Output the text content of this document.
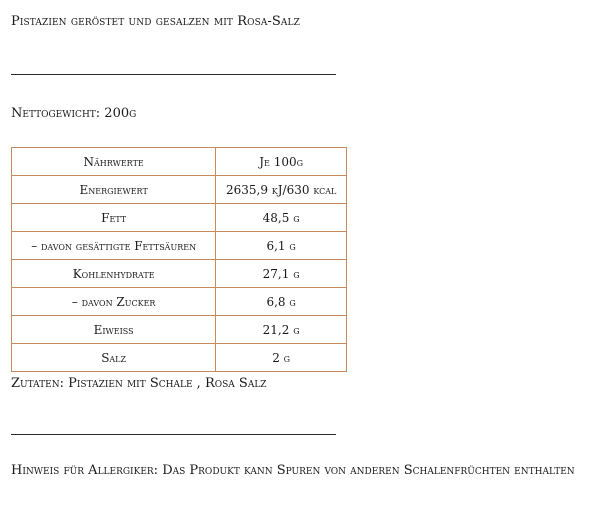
Pistazien geröstet und gesalzen mit Rosa-Salz
Nettogewicht: 200g
Nährwerte	Je 100g
Energiewert	2635,9 kJ/630 kcal
Fett	48,5 g
– davon gesättigte Fettsäuren	6,1 g
Kohlenhydrate	27,1 g
– davon Zucker	6,8 g
Eiweiss	21,2 g
Salz	2 g
Zutaten: Pistazien mit Schale , Rosa Salz
Hinweis für Allergiker: Das Produkt kann Spuren von anderen Schalenfrüchten enthalten
